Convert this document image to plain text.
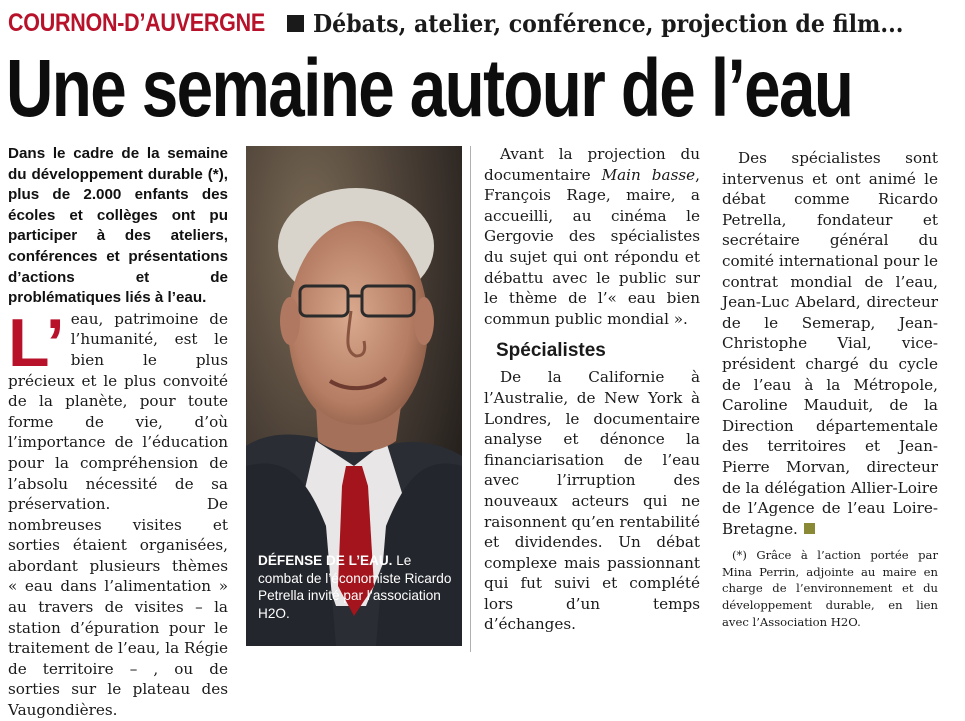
COURNON-D’AUVERGNE Débats, atelier, conférence, projection de film...
Une semaine autour de l’eau

Dans le cadre de la semaine du développement durable (*), plus de 2.000 enfants des écoles et collèges ont pu participer à des ateliers, conférences et présentations d’actions et de problématiques liés à l’eau.

L’ eau, patrimoine de l’humanité, est le bien le plus précieux et le plus convoité de la planète, pour toute forme de vie, d’où l’importance de l’éducation pour la compréhension de l’absolu nécessité de sa préservation. De nombreuses visites et sorties étaient organisées, abordant plusieurs thèmes « eau dans l’alimentation » au travers de visites – la station d’épuration pour le traitement de l’eau, la Régie de territoire – , ou de sorties sur le plateau des Vaugondières.

DÉFENSE DE L’EAU. Le combat de l’économiste Ricardo Petrella invité par l’association H2O.

Avant la projection du documentaire Main basse, François Rage, maire, a accueilli, au cinéma le Gergovie des spécialistes du sujet qui ont répondu et débattu avec le public sur le thème de l’« eau bien commun public mondial ».

Spécialistes

De la Californie à l’Australie, de New York à Londres, le documentaire analyse et dénonce la financiarisation de l’eau avec l’irruption des nouveaux acteurs qui ne raisonnent qu’en rentabilité et dividendes. Un débat complexe mais passionnant qui fut suivi et complété lors d’un temps d’échanges.

Des spécialistes sont intervenus et ont animé le débat comme Ricardo Petrella, fondateur et secrétaire général du comité international pour le contrat mondial de l’eau, Jean-Luc Abelard, directeur de le Semerap, Jean-Christophe Vial, vice-président chargé du cycle de l’eau à la Métropole, Caroline Mauduit, de la Direction départementale des territoires et Jean-Pierre Morvan, directeur de la délégation Allier-Loire de l’Agence de l’eau Loire-Bretagne.

(*) Grâce à l’action portée par Mina Perrin, adjointe au maire en charge de l’environnement et du développement durable, en lien avec l’Association H2O.
